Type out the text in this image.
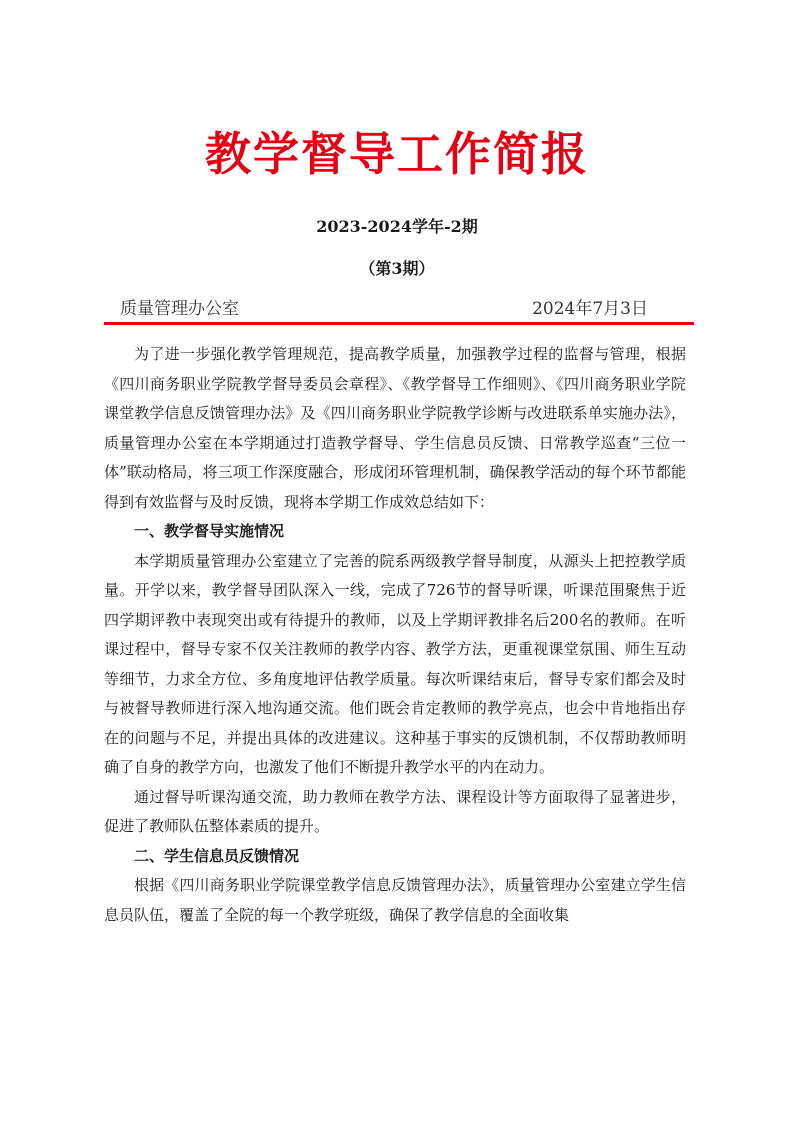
教学督导工作简报
2023-2024学年-2期
（第3期）
质量管理办公室	2024年7月3日

为了进一步强化教学管理规范，提高教学质量，加强教学过程的监督与管理，根据《四川商务职业学院教学督导委员会章程》、《教学督导工作细则》、《四川商务职业学院课堂教学信息反馈管理办法》及《四川商务职业学院教学诊断与改进联系单实施办法》，质量管理办公室在本学期通过打造教学督导、学生信息员反馈、日常教学巡查“三位一体”联动格局，将三项工作深度融合，形成闭环管理机制，确保教学活动的每个环节都能得到有效监督与及时反馈，现将本学期工作成效总结如下：

一、教学督导实施情况

本学期质量管理办公室建立了完善的院系两级教学督导制度，从源头上把控教学质量。开学以来，教学督导团队深入一线，完成了726节的督导听课，听课范围聚焦于近四学期评教中表现突出或有待提升的教师，以及上学期评教排名后200名的教师。在听课过程中，督导专家不仅关注教师的教学内容、教学方法，更重视课堂氛围、师生互动等细节，力求全方位、多角度地评估教学质量。每次听课结束后，督导专家们都会及时与被督导教师进行深入地沟通交流。他们既会肯定教师的教学亮点，也会中肯地指出存在的问题与不足，并提出具体的改进建议。这种基于事实的反馈机制，不仅帮助教师明确了自身的教学方向，也激发了他们不断提升教学水平的内在动力。

通过督导听课沟通交流，助力教师在教学方法、课程设计等方面取得了显著进步，促进了教师队伍整体素质的提升。

二、学生信息员反馈情况

根据《四川商务职业学院课堂教学信息反馈管理办法》，质量管理办公室建立学生信息员队伍，覆盖了全院的每一个教学班级，确保了教学信息的全面收集
